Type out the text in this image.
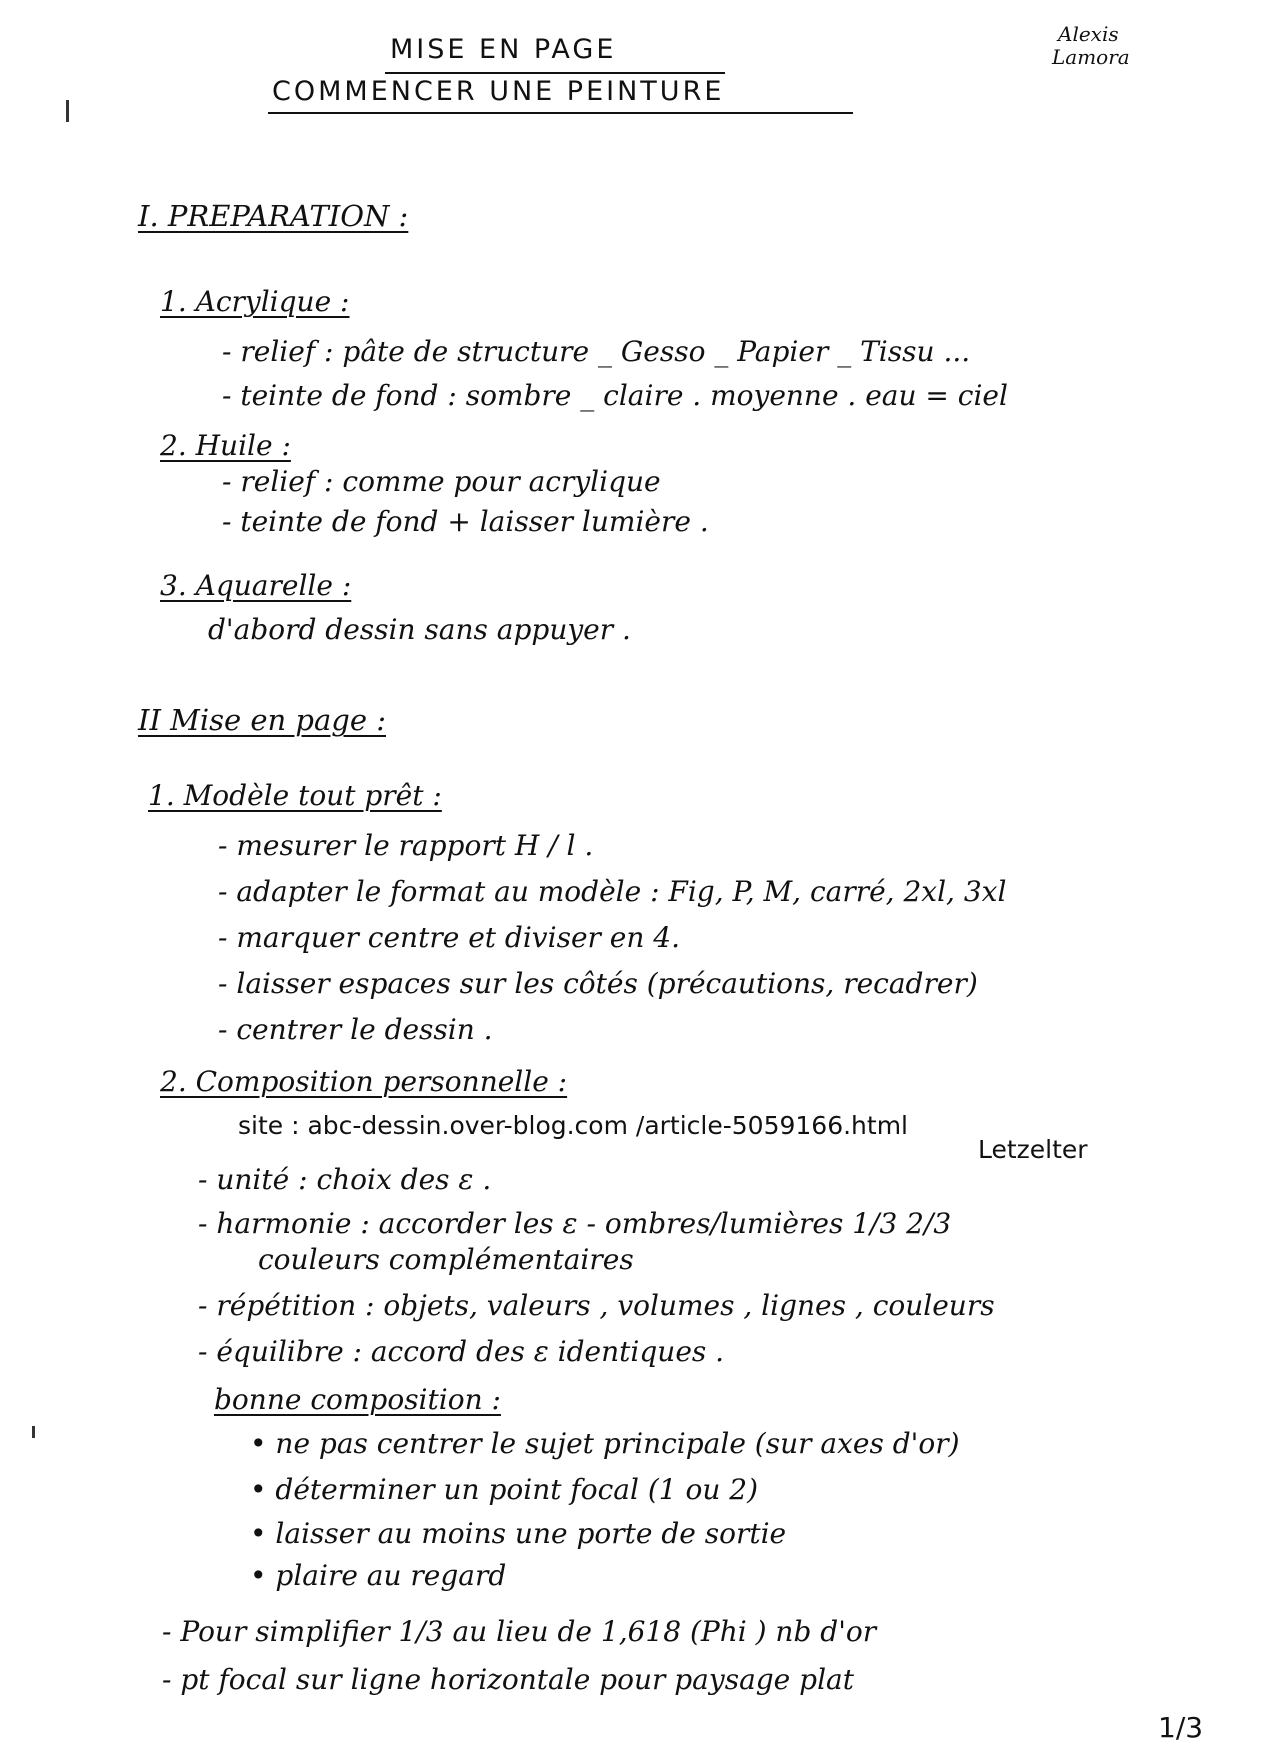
MISE EN PAGE
COMMENCER UNE PEINTURE
Alexis
Lamora
I. PREPARATION :
1. Acrylique :
- relief : pâte de structure _ Gesso _ Papier _ Tissu ...
- teinte de fond : sombre _ claire . moyenne . eau = ciel
2. Huile :
- relief : comme pour acrylique
- teinte de fond + laisser lumière .
3. Aquarelle :
d'abord dessin sans appuyer .
II Mise en page :
1. Modèle tout prêt :
- mesurer le rapport H / l .
- adapter le format au modèle : Fig, P, M, carré, 2xl, 3xl
- marquer centre et diviser en 4.
- laisser espaces sur les côtés (précautions, recadrer)
- centrer le dessin .
2. Composition personnelle :
site : abc-dessin.over-blog.com /article-5059166.html
Letzelter
- unité : choix des ε .
- harmonie : accorder les ε - ombres/lumières 1/3 2/3
couleurs complémentaires
- répétition : objets, valeurs , volumes , lignes , couleurs
- équilibre : accord des ε identiques .
bonne composition :
• ne pas centrer le sujet principale (sur axes d'or)
• déterminer un point focal (1 ou 2)
• laisser au moins une porte de sortie
• plaire au regard
- Pour simplifier 1/3 au lieu de 1,618 (Phi ) nb d'or
- pt focal sur ligne horizontale pour paysage plat
1/3
